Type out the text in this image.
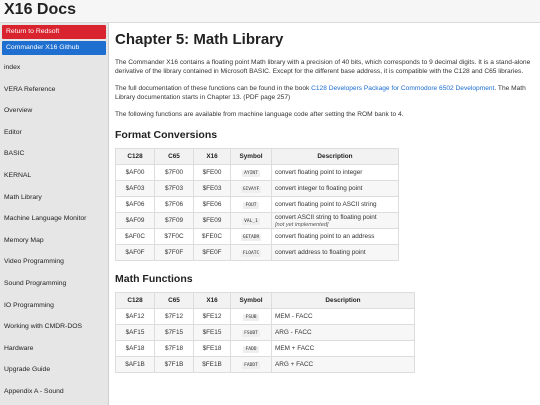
X16 Docs
Return to Redsoft
Commander X16 Github
index
VERA Reference
Overview
Editor
BASIC
KERNAL
Math Library
Machine Language Monitor
Memory Map
Video Programming
Sound Programming
IO Programming
Working with CMDR-DOS
Hardware
Upgrade Guide
Appendix A - Sound
Chapter 5: Math Library

The Commander X16 contains a floating point Math library with a precision of 40 bits, which corresponds to 9 decimal digits. It is a stand-alone derivative of the library contained in Microsoft BASIC. Except for the different base address, it is compatible with the C128 and C65 libraries.

The full documentation of these functions can be found in the book C128 Developers Package for Commodore 6502 Development. The Math Library documentation starts in Chapter 13. (PDF page 257)

The following functions are available from machine language code after setting the ROM bank to 4.

Format Conversions
C128	C65	X16	Symbol	Description
$AF00	$7F00	$FE00	AYINT	convert floating point to integer
$AF03	$7F03	$FE03	GIVAYF	convert integer to floating point
$AF06	$7F06	$FE06	FOUT	convert floating point to ASCII string
$AF09	$7F09	$FE09	VAL_1	convert ASCII string to floating point
[not yet implemented]
$AF0C	$7F0C	$FE0C	GETADR	convert floating point to an address
$AF0F	$7F0F	$FE0F	FLOATC	convert address to floating point
Math Functions
C128	C65	X16	Symbol	Description
$AF12	$7F12	$FE12	FSUB	MEM - FACC
$AF15	$7F15	$FE15	FSUBT	ARG - FACC
$AF18	$7F18	$FE18	FADD	MEM + FACC
$AF1B	$7F1B	$FE1B	FADDT	ARG + FACC
